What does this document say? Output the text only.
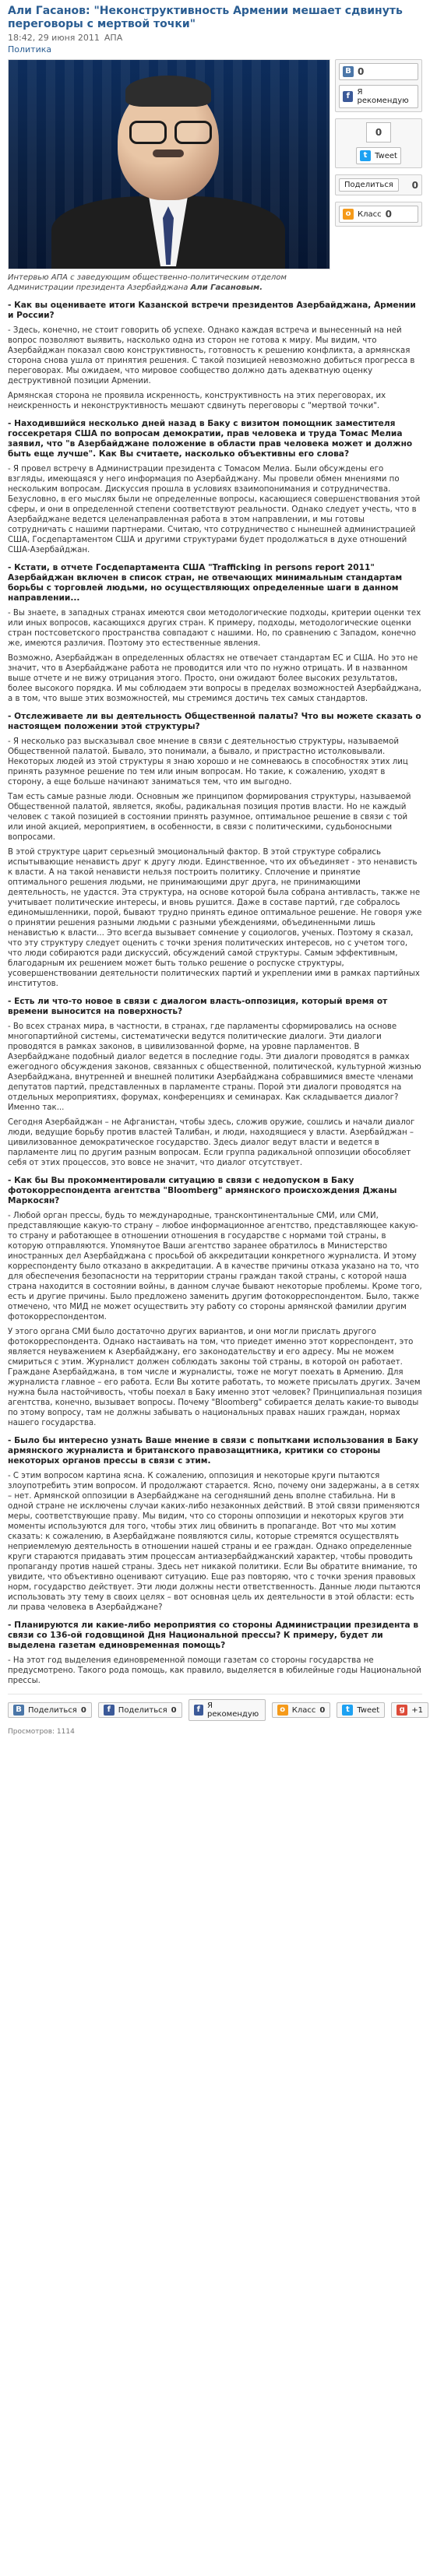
Али Гасанов: "Неконструктивность Армении мешает сдвинуть переговоры с мертвой точки"
18:42, 29 июня 2011 АПА
Политика
Интервью АПА с заведующим общественно-политическим отделом Администрации президента Азербайджана Али Гасановым.
В 0
f Я рекомендую
0
t Tweet
Поделиться	0
о Класс 0
- Как вы оцениваете итоги Казанской встречи президентов Азербайджана, Армении и России?
- Здесь, конечно, не стоит говорить об успехе. Однако каждая встреча и вынесенный на ней вопрос позволяют выявить, насколько одна из сторон не готова к миру. Мы видим, что Азербайджан показал свою конструктивность, готовность к решению конфликта, а армянская сторона снова ушла от принятия решения. С такой позицией невозможно добиться прогресса в переговорах. Мы ожидаем, что мировое сообщество должно дать адекватную оценку деструктивной позиции Армении.
Армянская сторона не проявила искренность, конструктивность на этих переговорах, их неискренность и неконструктивность мешают сдвинуть переговоры с "мертвой точки".
- Находившийся несколько дней назад в Баку с визитом помощник заместителя госсекретаря США по вопросам демократии, прав человека и труда Томас Мелиа заявил, что "в Азербайджане положение в области прав человека может и должно быть еще лучше". Как Вы считаете, насколько объективны его слова?
- Я провел встречу в Администрации президента с Томасом Мелиа. Были обсуждены его взгляды, имеющаяся у него информация по Азербайджану. Мы провели обмен мнениями по нескольким вопросам. Дискуссия прошла в условиях взаимопонимания и сотрудничества. Безусловно, в его мыслях были не определенные вопросы, касающиеся совершенствования этой сферы, и они в определенной степени соответствуют реальности. Однако следует учесть, что в Азербайджане ведется целенаправленная работа в этом направлении, и мы готовы сотрудничать с нашими партнерами. Считаю, что сотрудничество с нынешней администрацией США, Госдепартаментом США и другими структурами будет продолжаться в духе отношений США-Азербайджан.
- Кстати, в отчете Госдепартамента США "Trafficking in persons report 2011" Азербайджан включен в список стран, не отвечающих минимальным стандартам борьбы с торговлей людьми, но осуществляющих определенные шаги в данном направлении...
- Вы знаете, в западных странах имеются свои методологические подходы, критерии оценки тех или иных вопросов, касающихся других стран. К примеру, подходы, методологические оценки стран постсоветского пространства совпадают с нашими. Но, по сравнению с Западом, конечно же, имеются различия. Поэтому это естественные явления.
Возможно, Азербайджан в определенных областях не отвечает стандартам ЕС и США. Но это не значит, что в Азербайджане работа не проводится или что по нужно отрицать. И в названном выше отчете и не вижу отрицания этого. Просто, они ожидают более высоких результатов, более высокого порядка. И мы соблюдаем эти вопросы в пределах возможностей Азербайджана, а в том, что выше этих возможностей, мы стремимся достичь тех самых стандартов.
- Отслеживаете ли вы деятельность Общественной палаты? Что вы можете сказать о настоящем положении этой структуры?
- Я несколько раз высказывал свое мнение в связи с деятельностью структуры, называемой Общественной палатой. Бывало, это понимали, а бывало, и пристрастно истолковывали. Некоторых людей из этой структуры я знаю хорошо и не сомневаюсь в способностях этих лиц принять разумное решение по тем или иным вопросам. Но такие, к сожалению, уходят в сторону, а еще больше начинают заниматься тем, что им выгодно.
Там есть самые разные люди. Основным же принципом формирования структуры, называемой Общественной палатой, является, якобы, радикальная позиция против власти. Но не каждый человек с такой позицией в состоянии принять разумное, оптимальное решение в связи с той или иной акцией, мероприятием, в особенности, в связи с политическими, судьбоносными вопросами.
В этой структуре царит серьезный эмоциональный фактор. В этой структуре собрались испытывающие ненависть друг к другу люди. Единственное, что их объединяет - это ненависть к власти. А на такой ненависти нельзя построить политику. Сплочение и принятие оптимального решения людьми, не принимающими друг друга, не принимающими деятельность, не удастся. Эта структура, на основе которой была собрана антивласть, также не учитывает политические интересы, и вновь рушится. Даже в составе партий, где собралось единомышленники, порой, бывают трудно принять единое оптимальное решение. Не говоря уже о принятии решения разными людьми с разными убеждениями, объединенными лишь ненавистью к власти... Это всегда вызывает сомнение у социологов, ученых. Поэтому я сказал, что эту структуру следует оценить с точки зрения политических интересов, но с учетом того, что люди собираются ради дискуссий, обсуждений самой структуры. Самым эффективным, благодарным их решением может быть только решение о роспуске структуры, усовершенствовании деятельности политических партий и укреплении ими в рамках партийных институтов.
- Есть ли что-то новое в связи с диалогом власть-оппозиция, который время от времени выносится на поверхность?
- Во всех странах мира, в частности, в странах, где парламенты сформировались на основе многопартийной системы, систематически ведутся политические диалоги. Эти диалоги проводятся в рамках законов, в цивилизованной форме, на уровне парламентов. В Азербайджане подобный диалог ведется в последние годы. Эти диалоги проводятся в рамках ежегодного обсуждения законов, связанных с общественной, политической, культурной жизнью Азербайджана, внутренней и внешней политики Азербайджана собравшимися вместе членами депутатов партий, представленных в парламенте страны. Порой эти диалоги проводятся на отдельных мероприятиях, форумах, конференциях и семинарах. Как складывается диалог? Именно так...
Сегодня Азербайджан – не Афганистан, чтобы здесь, сложив оружие, сошлись и начали диалог люди, ведущие борьбу против властей Талибан, и люди, находящиеся у власти. Азербайджан – цивилизованное демократическое государство. Здесь диалог ведут власти и ведется в парламенте лиц по другим разным вопросам. Если группа радикальной оппозиции обособляет себя от этих процессов, это вовсе не значит, что диалог отсутствует.
- Как бы Вы прокомментировали ситуацию в связи с недопуском в Баку фотокорреспондента агентства "Bloomberg" армянского происхождения Джаны Маркосян?
- Любой орган прессы, будь то международные, трансконтинентальные СМИ, или СМИ, представляющие какую-то страну – любое информационное агентство, представляющее какую-то страну и работающее в отношении отношения в государстве с нормами той страны, в которую отправляются. Упомянутое Ваши агентство заранее обратилось в Министерство иностранных дел Азербайджана с просьбой об аккредитации конкретного журналиста. И этому корреспонденту было отказано в аккредитации. А в качестве причины отказа указано на то, что для обеспечения безопасности на территории страны граждан такой страны, с которой наша страна находится в состоянии войны, в данном случае бывают некоторые проблемы. Кроме того, есть и другие причины. Было предложено заменить другим фотокорреспондентом. Было, также отмечено, что МИД не может осуществить эту работу со стороны армянской фамилии другим фотокорреспондентом.
У этого органа СМИ было достаточно других вариантов, и они могли прислать другого фотокорреспондента. Однако настаивать на том, что приедет именно этот корреспондент, это является неуважением к Азербайджану, его законодательству и его адресу. Мы не можем смириться с этим. Журналист должен соблюдать законы той страны, в которой он работает. Граждане Азербайджана, в том числе и журналисты, тоже не могут поехать в Армению. Для журналиста главное – его работа. Если Вы хотите работать, то можете присылать других. Зачем нужна была настойчивость, чтобы поехал в Баку именно этот человек? Принципиальная позиция агентства, конечно, вызывает вопросы. Почему "Bloomberg" собирается делать какие-то выводы по этому вопросу, там не должны забывать о национальных правах наших граждан, нормах нашего государства.
- Было бы интересно узнать Ваше мнение в связи с попытками использования в Баку армянского журналиста и британского правозащитника, критики со стороны некоторых органов прессы в связи с этим.
- С этим вопросом картина ясна. К сожалению, оппозиция и некоторые круги пытаются злоупотребить этим вопросом. И продолжают старается. Ясно, почему они задержаны, а в сетях – нет. Армянской оппозиции в Азербайджане на сегодняшний день вполне стабильна. Ни в одной стране не исключены случаи каких-либо незаконных действий. В этой связи применяются меры, соответствующие праву. Мы видим, что со стороны оппозиции и некоторых кругов эти моменты используются для того, чтобы этих лиц обвинить в пропаганде. Вот что мы хотим сказать: к сожалению, в Азербайджане появляются силы, которые стремятся осуществлять неприемлемую деятельность в отношении нашей страны и ее граждан. Однако определенные круги стараются придавать этим процессам антиазербайджанский характер, чтобы проводить пропаганду против нашей страны. Здесь нет никакой политики. Если Вы обратите внимание, то увидите, что объективно оценивают ситуацию. Еще раз повторяю, что с точки зрения правовых норм, государство действует. Эти люди должны нести ответственность. Данные люди пытаются использовать эту тему в своих целях – вот основная цель их деятельности в этой области: есть ли права человека в Азербайджане?
- Планируются ли какие-либо мероприятия со стороны Администрации президента в связи со 136-ой годовщиной Дня Национальной прессы? К примеру, будет ли выделена газетам единовременная помощь?
- На этот год выделения единовременной помощи газетам со стороны государства не предусмотрено. Такого рода помощь, как правило, выделяется в юбилейные годы Национальной прессы.
В Поделиться 0	f Поделиться 0	f Я рекомендую
о Класс 0	t Tweet	g +1
Просмотров: 1114
